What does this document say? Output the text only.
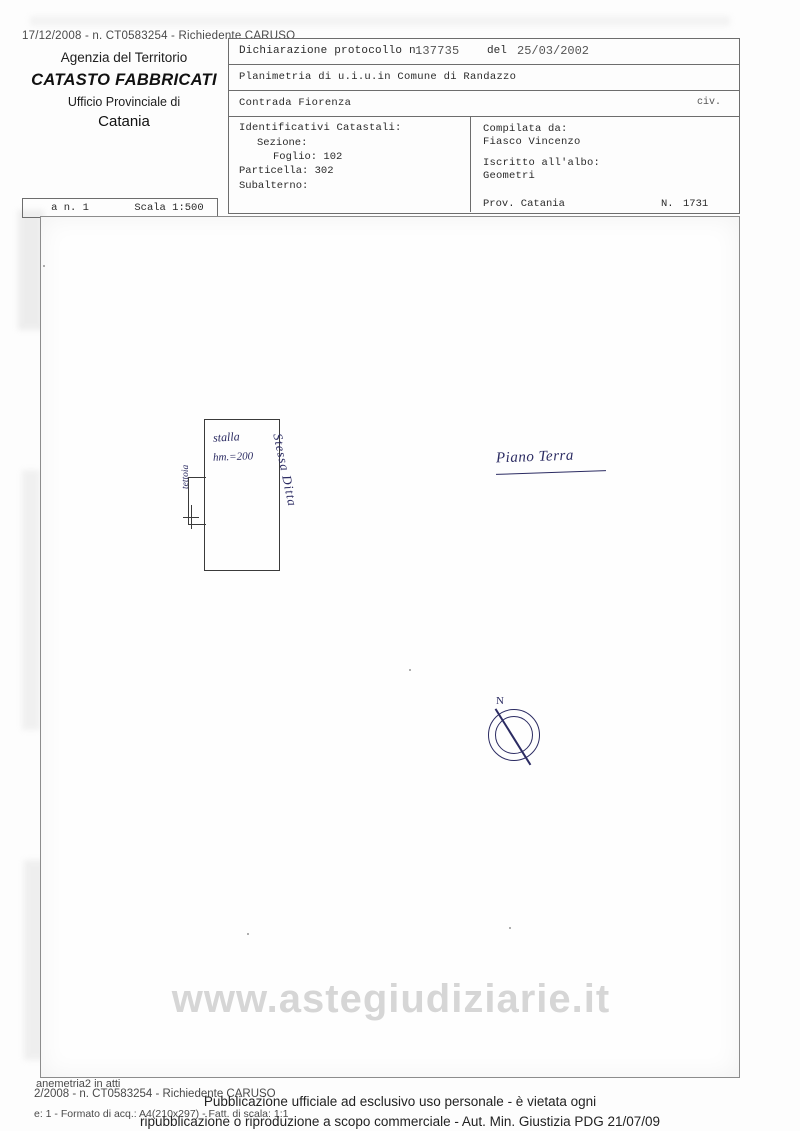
17/12/2008 - n. CT0583254 - Richiedente CARUSO
Agenzia del Territorio
CATASTO FABBRICATI
Ufficio Provinciale di
Catania
a n. 1	Scala 1:500
Dichiarazione protocollo n.
137735	del 25/03/2002
Planimetria di u.i.u.in Comune di Randazzo
Contrada Fiorenza	civ.
Identificativi Catastali:
Sezione:
Foglio: 102
Particella: 302
Subalterno:
Compilata da:
Fiasco Vincenzo
Iscritto all'albo:
Geometri
Prov. Catania	N. 1731
stalla
hm.=200 Stessa Ditta
tettoia
Piano Terra
N
www.astegiudiziarie.it
anemetria2 in atti
2/2008 - n. CT0583254 - Richiedente CARUSO
e: 1 - Formato di acq.: A4(210x297) - Fatt. di scala: 1:1
Pubblicazione ufficiale ad esclusivo uso personale - è vietata ogni
ripubblicazione o riproduzione a scopo commerciale - Aut. Min. Giustizia PDG 21/07/09
